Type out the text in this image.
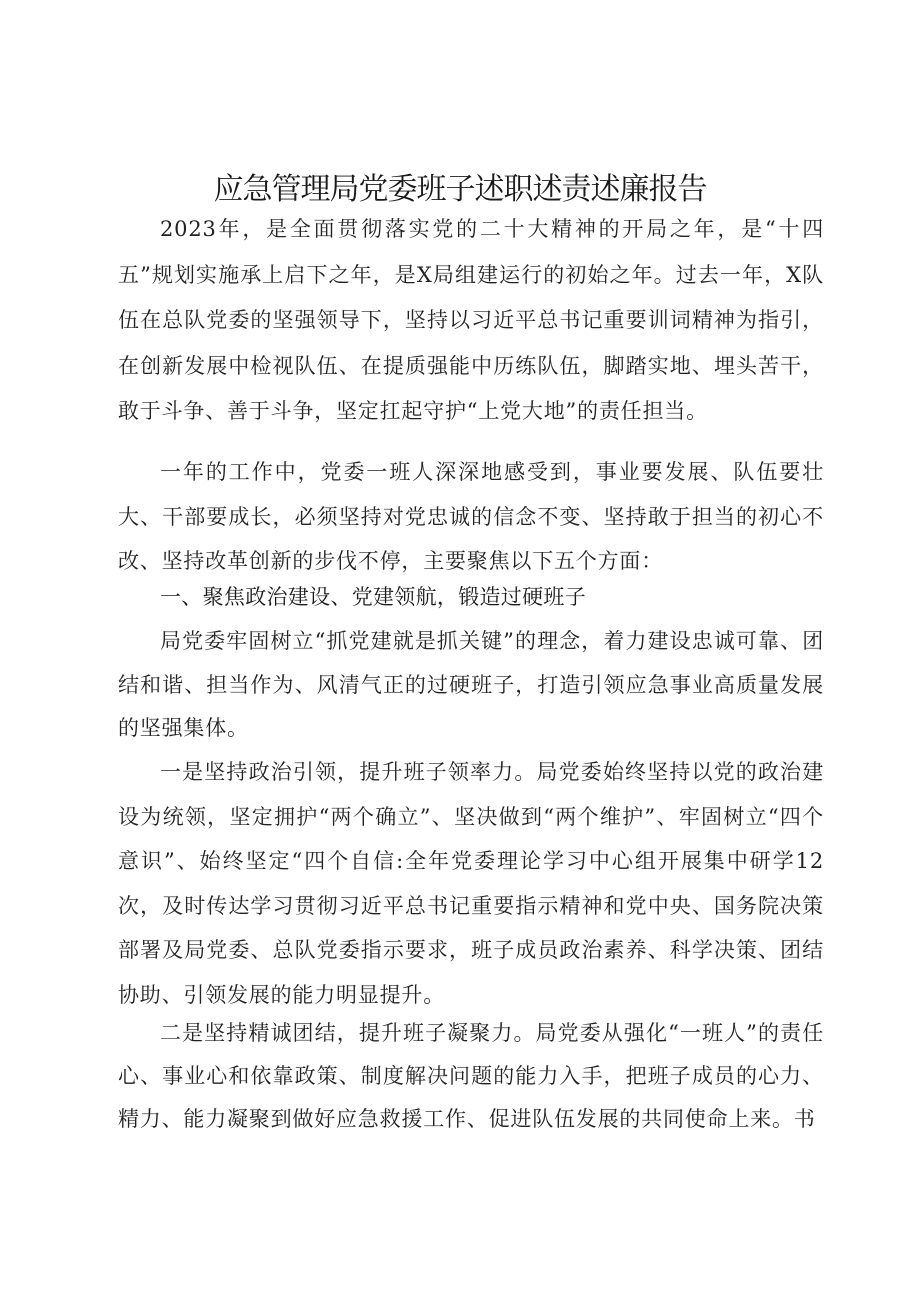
应急管理局党委班子述职述责述廉报告

2023年，是全面贯彻落实党的二十大精神的开局之年，是“十四五”规划实施承上启下之年，是X局组建运行的初始之年。过去一年，X队伍在总队党委的坚强领导下，坚持以习近平总书记重要训词精神为指引，在创新发展中检视队伍、在提质强能中历练队伍，脚踏实地、埋头苦干，敢于斗争、善于斗争，坚定扛起守护“上党大地”的责任担当。

一年的工作中，党委一班人深深地感受到，事业要发展、队伍要壮大、干部要成长，必须坚持对党忠诚的信念不变、坚持敢于担当的初心不改、坚持改革创新的步伐不停，主要聚焦以下五个方面：

一、聚焦政治建设、党建领航，锻造过硬班子

局党委牢固树立“抓党建就是抓关键”的理念，着力建设忠诚可靠、团结和谐、担当作为、风清气正的过硬班子，打造引领应急事业高质量发展的坚强集体。

一是坚持政治引领，提升班子领率力。局党委始终坚持以党的政治建设为统领，坚定拥护“两个确立”、坚决做到“两个维护”、牢固树立“四个意识”、始终坚定“四个自信:全年党委理论学习中心组开展集中研学12次，及时传达学习贯彻习近平总书记重要指示精神和党中央、国务院决策部署及局党委、总队党委指示要求，班子成员政治素养、科学决策、团结协助、引领发展的能力明显提升。

二是坚持精诚团结，提升班子凝聚力。局党委从强化“一班人”的责任心、事业心和依靠政策、制度解决问题的能力入手，把班子成员的心力、精力、能力凝聚到做好应急救援工作、促进队伍发展的共同使命上来。书
